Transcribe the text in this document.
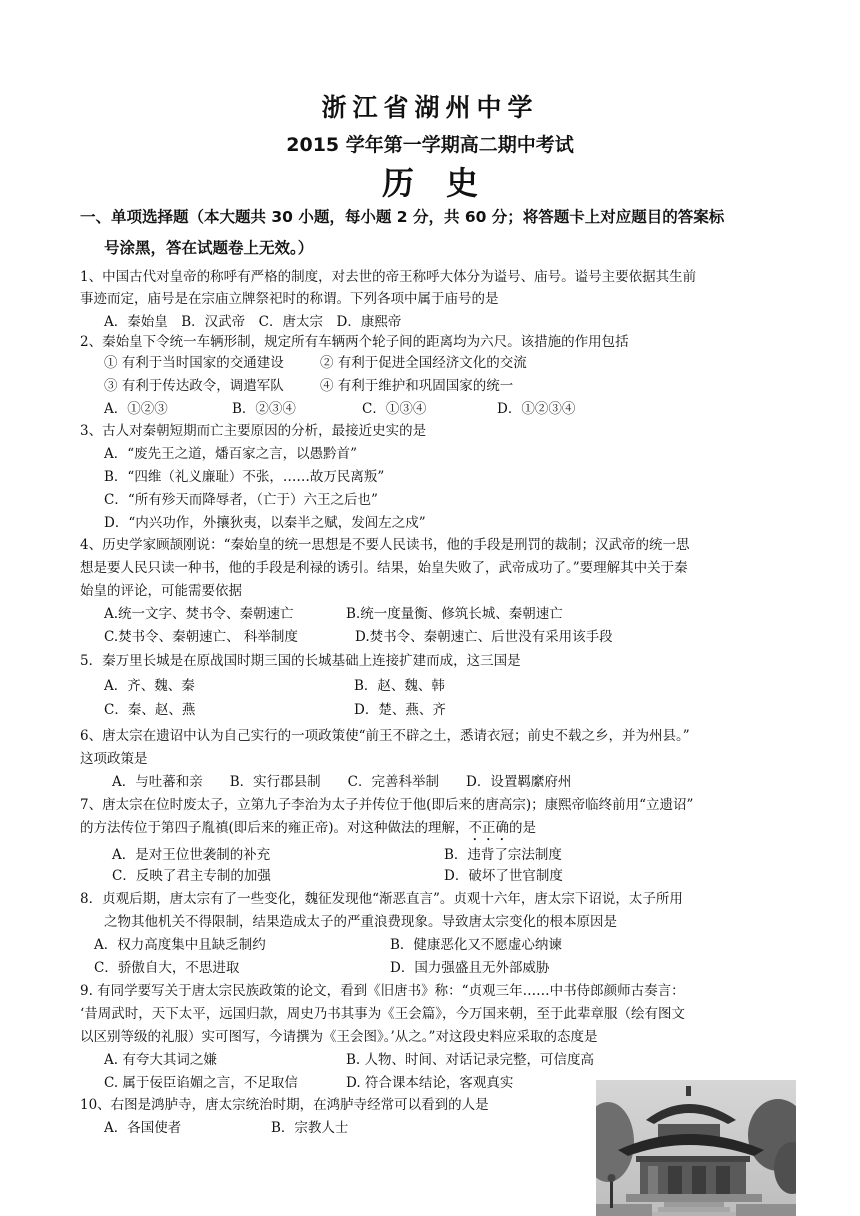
浙江省湖州中学
2015 学年第一学期高二期中考试
历　史
一、单项选择题（本大题共 30 小题，每小题 2 分，共 60 分；将答题卡上对应题目的答案标
号涂黑，答在试题卷上无效。）
1、中国古代对皇帝的称呼有严格的制度，对去世的帝王称呼大体分为谥号、庙号。谥号主要依据其生前
事迹而定，庙号是在宗庙立牌祭祀时的称谓。下列各项中属于庙号的是
A．秦始皇　B．汉武帝　C．唐太宗　D．康熙帝
2、秦始皇下令统一车辆形制，规定所有车辆两个轮子间的距离均为六尺。该措施的作用包括
① 有利于当时国家的交通建设	② 有利于促进全国经济文化的交流
③ 有利于传达政令，调遣军队	④ 有利于维护和巩固国家的统一
A．①②③	B．②③④	C．①③④	D．①②③④
3、古人对秦朝短期而亡主要原因的分析，最接近史实的是
A．“废先王之道，燔百家之言，以愚黔首”
B．“四维（礼义廉耻）不张，……故万民离叛”
C．“所有殄天而降辱者，（亡于）六王之后也”
D．“内兴功作，外攘狄夷，以秦半之赋，发闾左之戍”
4、历史学家顾颉刚说：“秦始皇的统一思想是不要人民读书，他的手段是刑罚的裁制；汉武帝的统一思
想是要人民只读一种书，他的手段是利禄的诱引。结果，始皇失败了，武帝成功了。”要理解其中关于秦
始皇的评论，可能需要依据
A.统一文字、焚书令、秦朝速亡	B.统一度量衡、修筑长城、秦朝速亡
C.焚书令、秦朝速亡、 科举制度	D.焚书令、秦朝速亡、后世没有采用该手段
5．秦万里长城是在原战国时期三国的长城基础上连接扩建而成，这三国是
A．齐、魏、秦	B．赵、魏、韩
C．秦、赵、燕	D．楚、燕、齐
6、唐太宗在遗诏中认为自己实行的一项政策使“前王不辟之土，悉请衣冠；前史不载之乡，并为州县。”
这项政策是
A．与吐蕃和亲　　B．实行郡县制　　C．完善科举制　　D．设置羁縻府州
7、唐太宗在位时废太子，立第九子李治为太子并传位于他(即后来的唐高宗)；康熙帝临终前用“立遗诏”
的方法传位于第四子胤禛(即后来的雍正帝)。对这种做法的理解，不正确的是
A．是对王位世袭制的补充	B．违背了宗法制度
C．反映了君主专制的加强	D．破坏了世官制度
8．贞观后期，唐太宗有了一些变化，魏征发现他“渐恶直言”。贞观十六年，唐太宗下诏说，太子所用
之物其他机关不得限制，结果造成太子的严重浪费现象。导致唐太宗变化的根本原因是
A．权力高度集中且缺乏制约	B．健康恶化又不愿虚心纳谏
C．骄傲自大，不思进取	D．国力强盛且无外部威胁
9. 有同学要写关于唐太宗民族政策的论文，看到《旧唐书》称：“贞观三年……中书侍郎颜师古奏言：
‘昔周武时，天下太平，远国归款，周史乃书其事为《王会篇》，今万国来朝，至于此辈章服（绘有图文
以区别等级的礼服）实可图写，今请撰为《王会图》。’从之。”对这段史料应采取的态度是
A. 有夸大其词之嫌	B. 人物、时间、对话记录完整，可信度高
C. 属于佞臣谄媚之言，不足取信	D. 符合课本结论，客观真实
10、右图是鸿胪寺，唐太宗统治时期，在鸿胪寺经常可以看到的人是
A．各国使者	B．宗教人士
